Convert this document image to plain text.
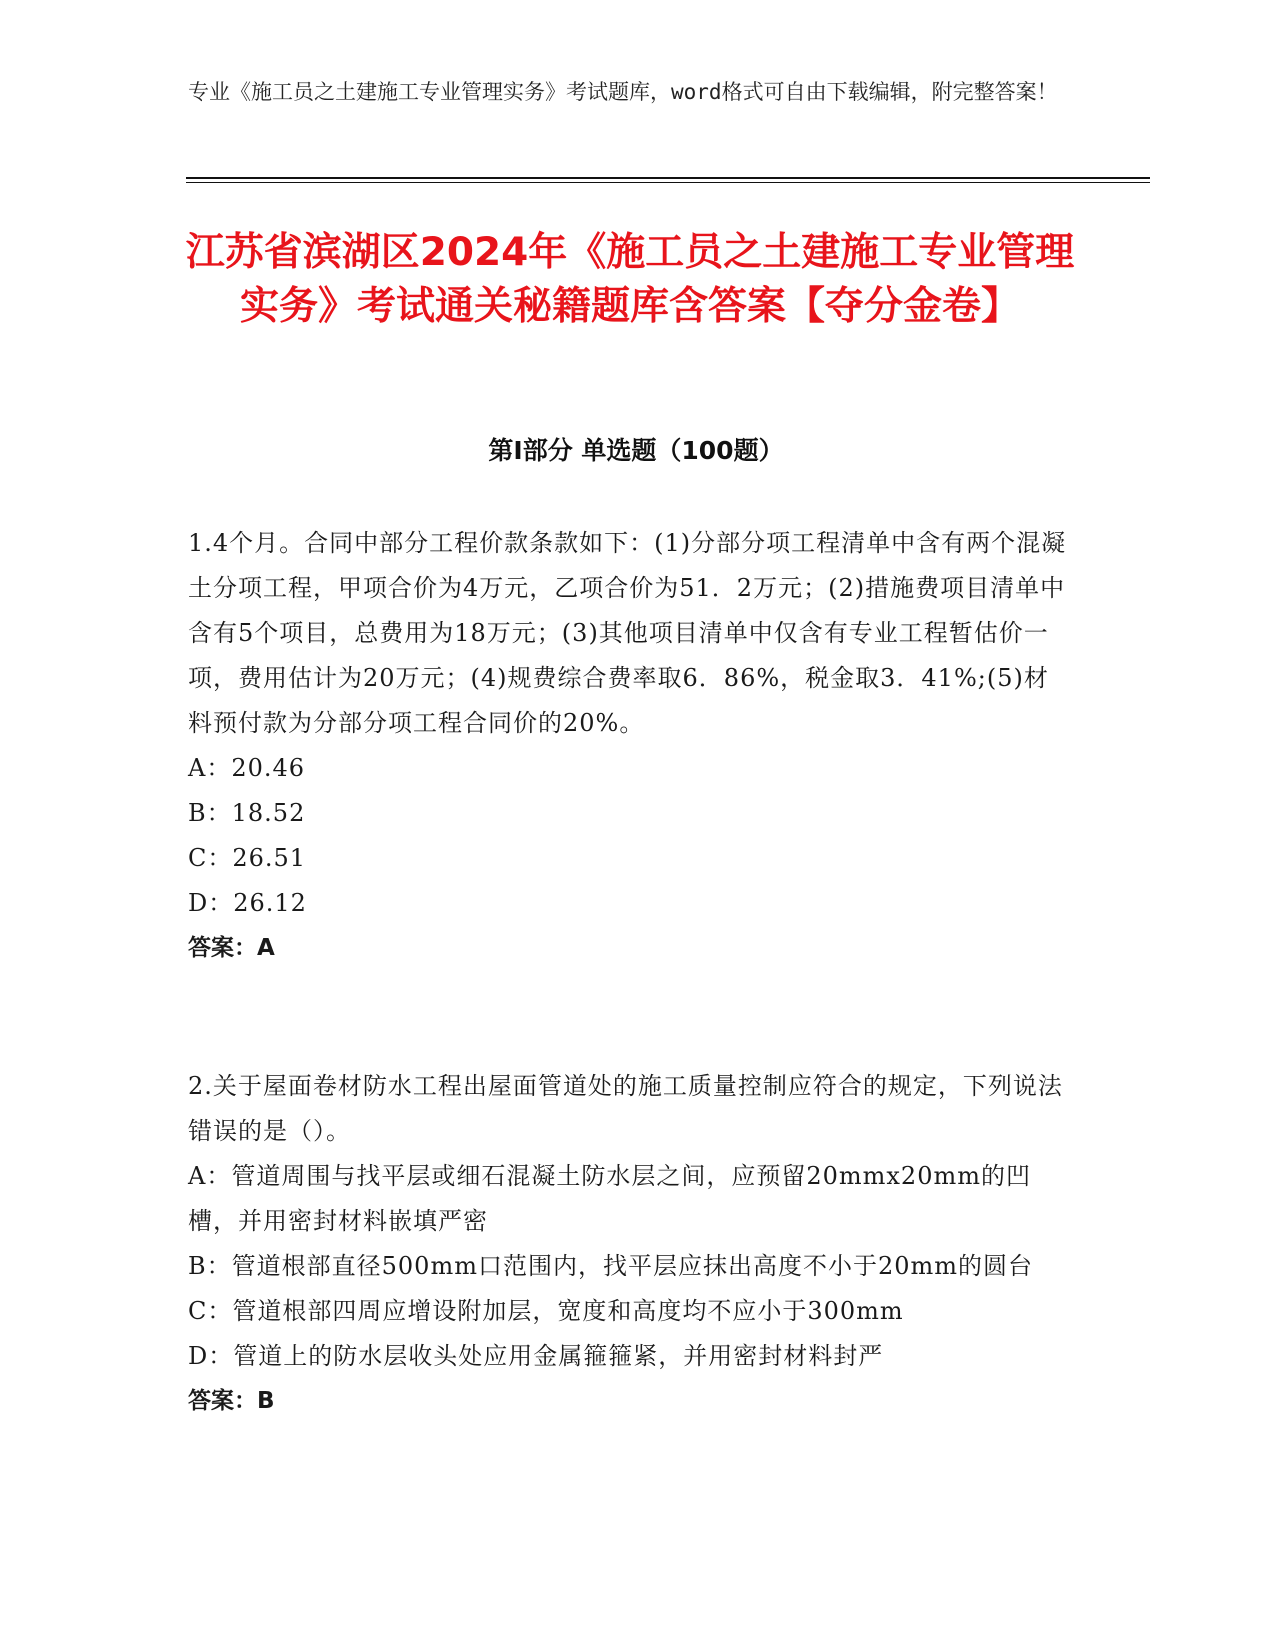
专业《施工员之土建施工专业管理实务》考试题库，word格式可自由下载编辑，附完整答案！
江苏省滨湖区2024年《施工员之土建施工专业管理实务》考试通关秘籍题库含答案【夺分金卷】
第I部分 单选题（100题）

1.4个月。合同中部分工程价款条款如下：(1)分部分项工程清单中含有两个混凝土分项工程，甲项合价为4万元，乙项合价为51．2万元；(2)措施费项目清单中含有5个项目，总费用为18万元；(3)其他项目清单中仅含有专业工程暂估价一项，费用估计为20万元；(4)规费综合费率取6．86%，税金取3．41%;(5)材料预付款为分部分项工程合同价的20%。

A：20.46

B：18.52

C：26.51

D：26.12

答案：A

2.关于屋面卷材防水工程出屋面管道处的施工质量控制应符合的规定，下列说法错误的是（）。

A：管道周围与找平层或细石混凝土防水层之间，应预留20mmx20mm的凹槽，并用密封材料嵌填严密

B：管道根部直径500mm口范围内，找平层应抹出高度不小于20mm的圆台

C：管道根部四周应增设附加层，宽度和高度均不应小于300mm

D：管道上的防水层收头处应用金属箍箍紧，并用密封材料封严

答案：B
